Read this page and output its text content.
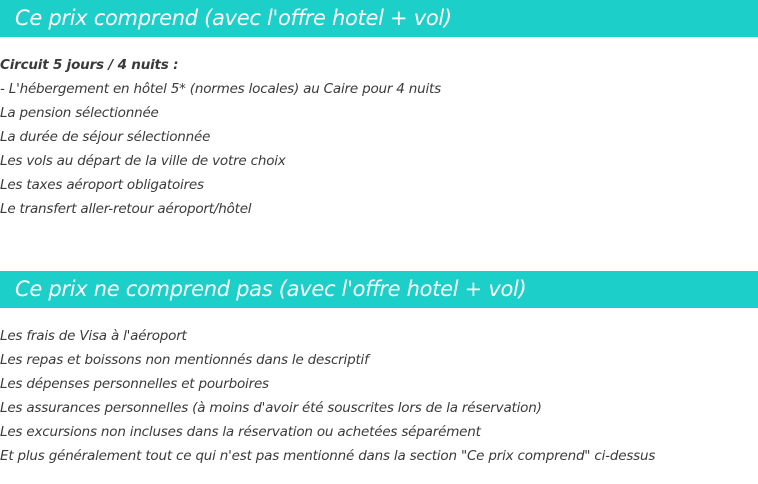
Ce prix comprend (avec l'offre hotel + vol)
Circuit 5 jours / 4 nuits :
- L'hébergement en hôtel 5* (normes locales) au Caire pour 4 nuits
La pension sélectionnée
La durée de séjour sélectionnée
Les vols au départ de la ville de votre choix
Les taxes aéroport obligatoires
Le transfert aller-retour aéroport/hôtel
Ce prix ne comprend pas (avec l'offre hotel + vol)
Les frais de Visa à l'aéroport
Les repas et boissons non mentionnés dans le descriptif
Les dépenses personnelles et pourboires
Les assurances personnelles (à moins d'avoir été souscrites lors de la réservation)
Les excursions non incluses dans la réservation ou achetées séparément
Et plus généralement tout ce qui n'est pas mentionné dans la section "Ce prix comprend" ci-dessus
